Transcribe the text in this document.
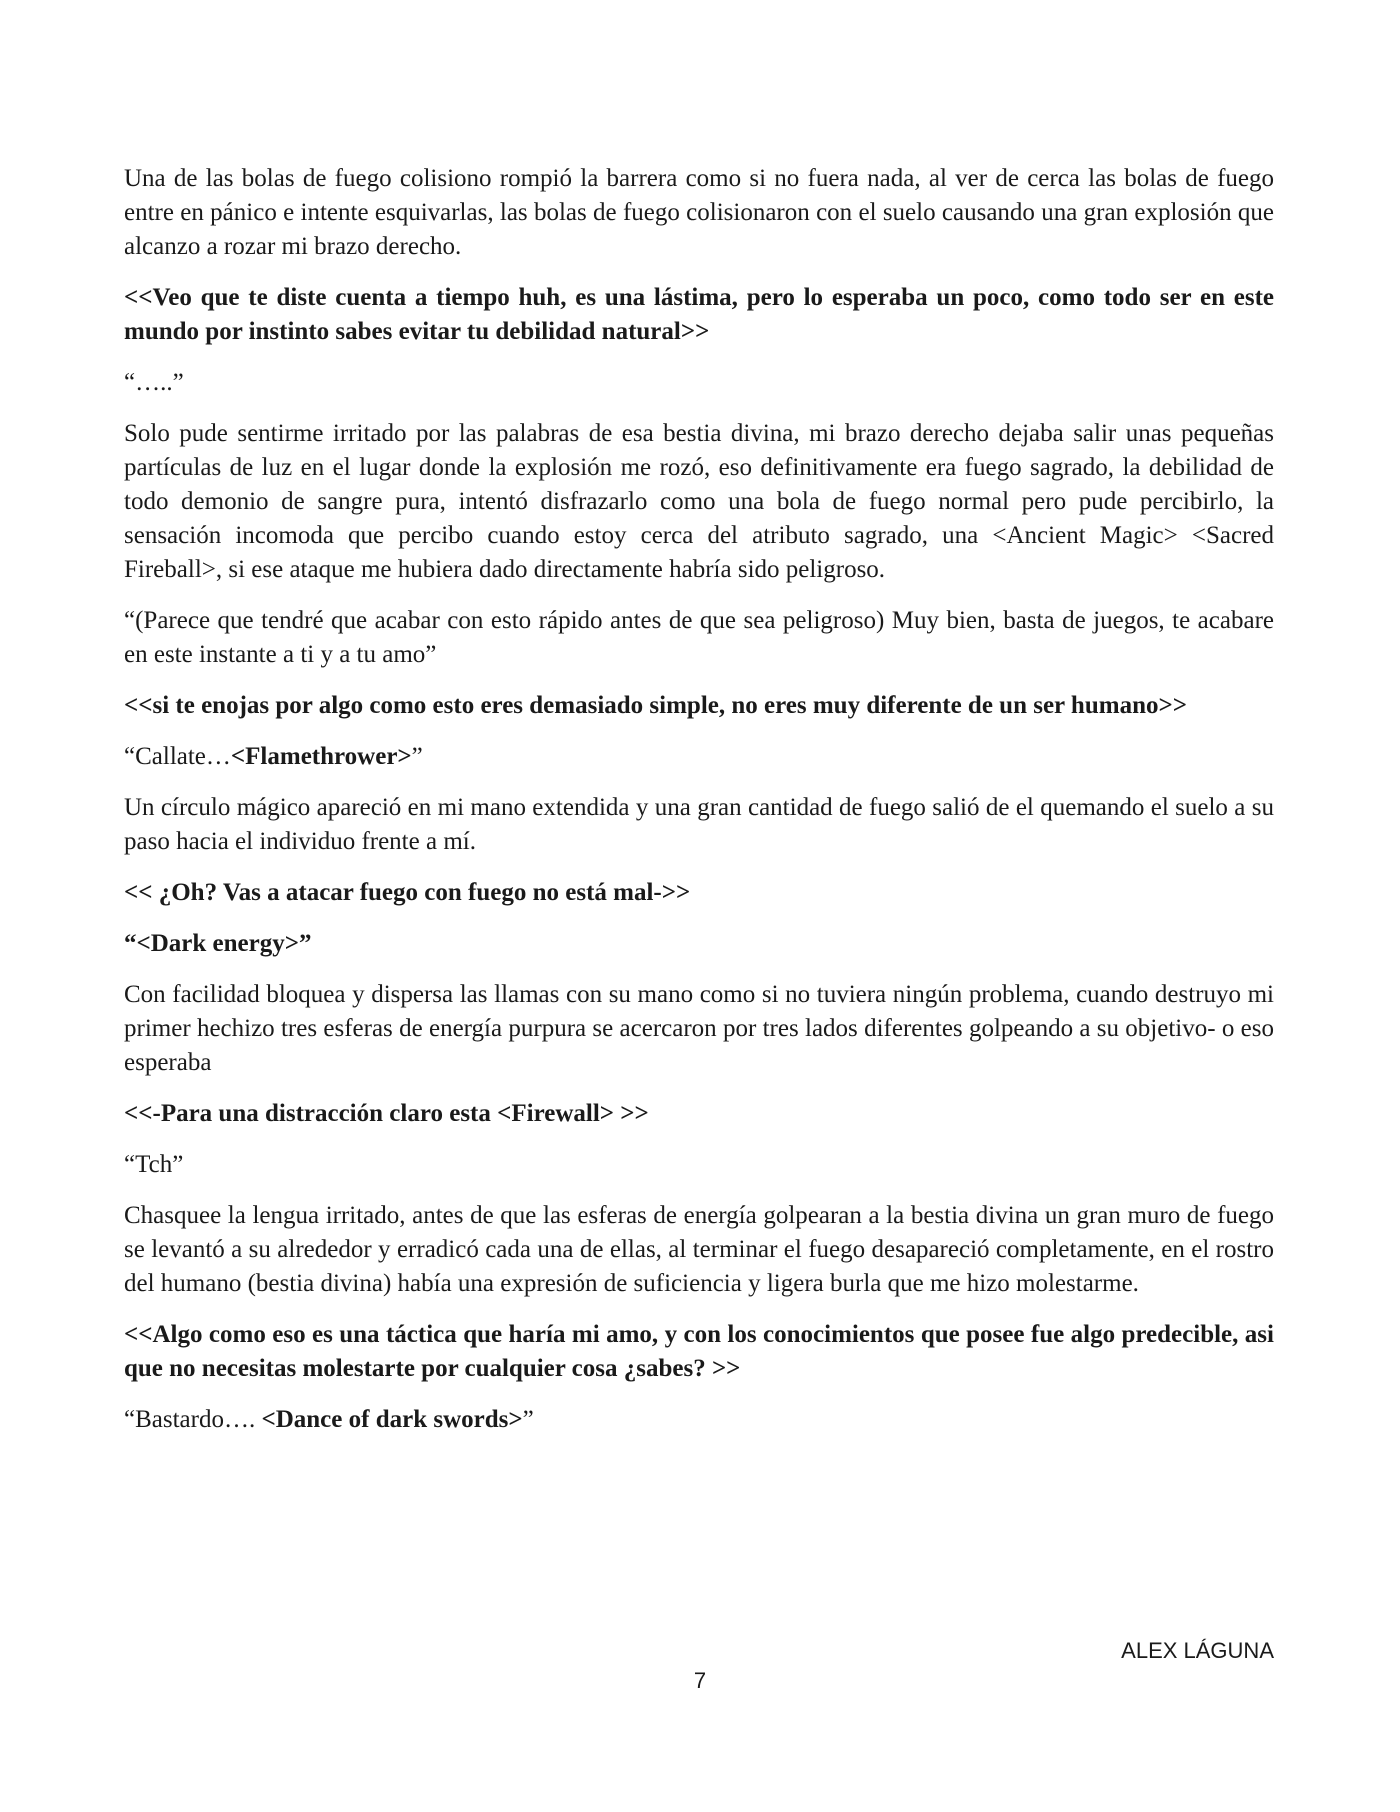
Una de las bolas de fuego colisiono rompió la barrera como si no fuera nada, al ver de cerca las bolas de fuego entre en pánico e intente esquivarlas, las bolas de fuego colisionaron con el suelo causando una gran explosión que alcanzo a rozar mi brazo derecho.

<<Veo que te diste cuenta a tiempo huh, es una lástima, pero lo esperaba un poco, como todo ser en este mundo por instinto sabes evitar tu debilidad natural>>

“…..”

Solo pude sentirme irritado por las palabras de esa bestia divina, mi brazo derecho dejaba salir unas pequeñas partículas de luz en el lugar donde la explosión me rozó, eso definitivamente era fuego sagrado, la debilidad de todo demonio de sangre pura, intentó disfrazarlo como una bola de fuego normal pero pude percibirlo, la sensación incomoda que percibo cuando estoy cerca del atributo sagrado, una <Ancient Magic> <Sacred Fireball>, si ese ataque me hubiera dado directamente habría sido peligroso.

“(Parece que tendré que acabar con esto rápido antes de que sea peligroso) Muy bien, basta de juegos, te acabare en este instante a ti y a tu amo”

<<si te enojas por algo como esto eres demasiado simple, no eres muy diferente de un ser humano>>

“Callate…<Flamethrower>”

Un círculo mágico apareció en mi mano extendida y una gran cantidad de fuego salió de el quemando el suelo a su paso hacia el individuo frente a mí.

<< ¿Oh? Vas a atacar fuego con fuego no está mal->>

“<Dark energy>”

Con facilidad bloquea y dispersa las llamas con su mano como si no tuviera ningún problema, cuando destruyo mi primer hechizo tres esferas de energía purpura se acercaron por tres lados diferentes golpeando a su objetivo- o eso esperaba

<<-Para una distracción claro esta <Firewall> >>

“Tch”

Chasquee la lengua irritado, antes de que las esferas de energía golpearan a la bestia divina un gran muro de fuego se levantó a su alrededor y erradicó cada una de ellas, al terminar el fuego desapareció completamente, en el rostro del humano (bestia divina) había una expresión de suficiencia y ligera burla que me hizo molestarme.

<<Algo como eso es una táctica que haría mi amo, y con los conocimientos que posee fue algo predecible, asi que no necesitas molestarte por cualquier cosa ¿sabes? >>

“Bastardo…. <Dance of dark swords>”

ALEX LÁGUNA
7
